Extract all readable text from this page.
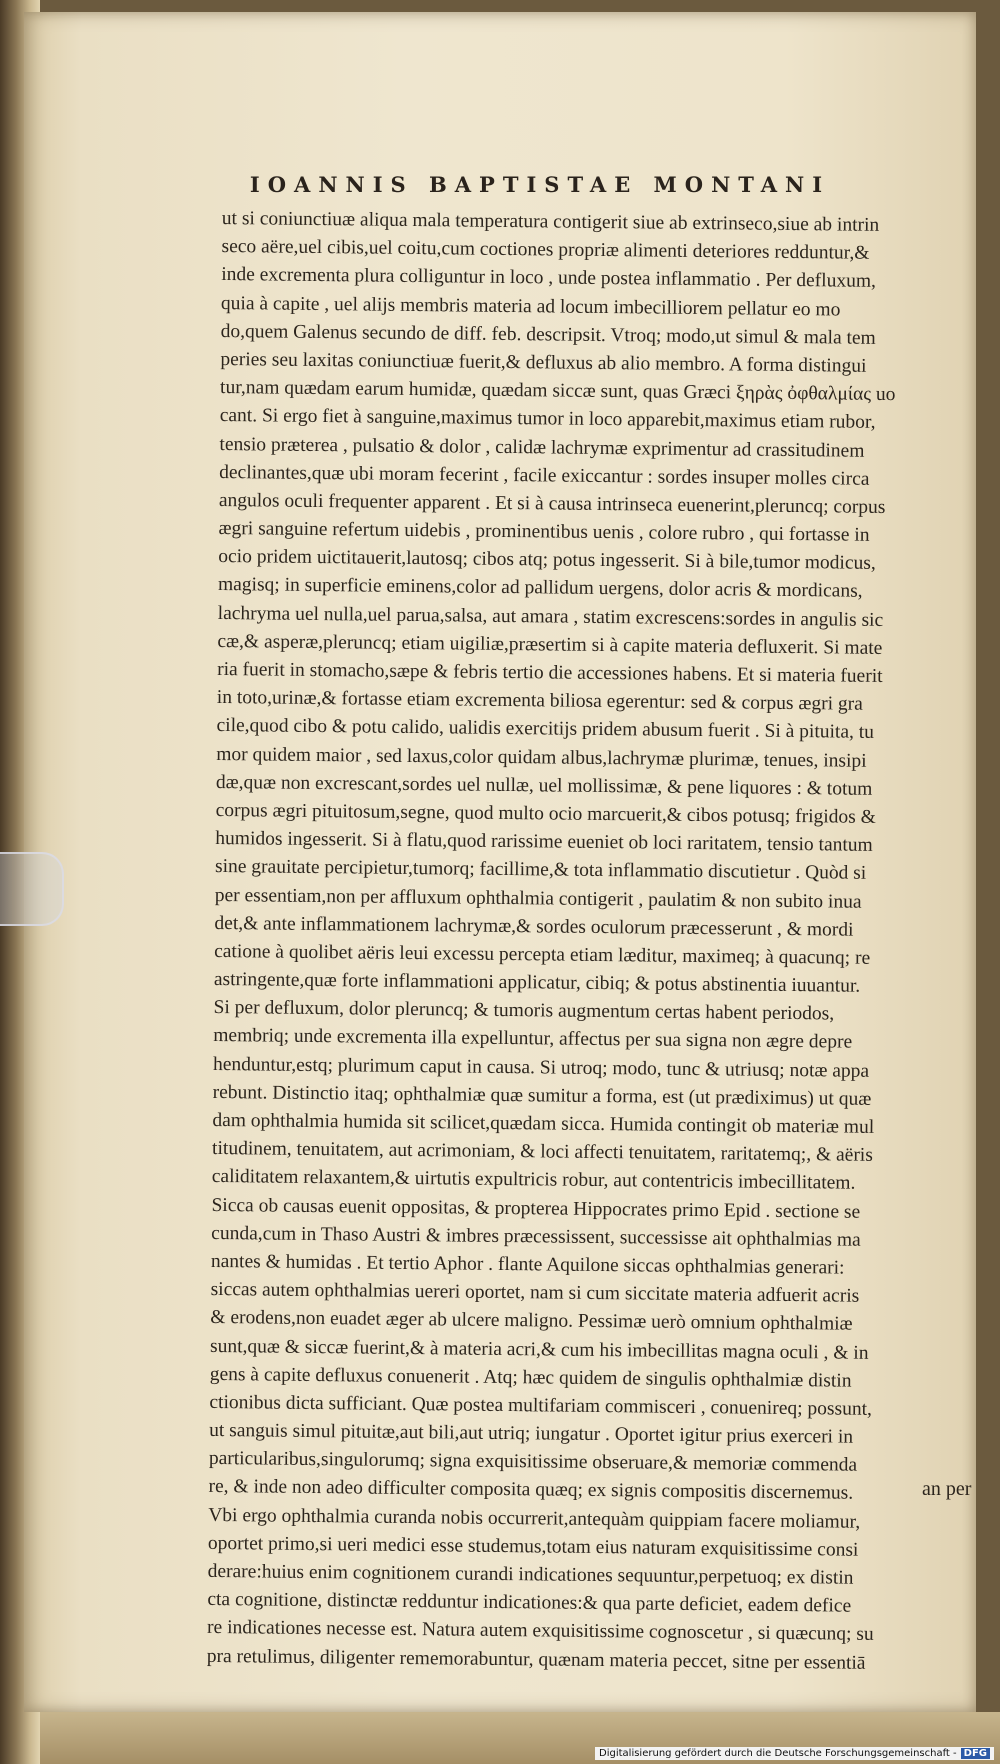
IOANNIS BAPTISTAE MONTANI
ut si coniunctiuæ aliqua mala temperatura contigerit siue ab extrinseco,siue ab intrin
seco aëre,uel cibis,uel coitu,cum coctiones propriæ alimenti deteriores redduntur,&
inde excrementa plura colliguntur in loco , unde postea inflammatio . Per defluxum,
quia à capite , uel alijs membris materia ad locum imbecilliorem pellatur eo mo
do,quem Galenus secundo de diff. feb. descripsit. Vtroq; modo,ut simul & mala tem
peries seu laxitas coniunctiuæ fuerit,& defluxus ab alio membro. A forma distingui
tur,nam quædam earum humidæ, quædam siccæ sunt, quas Græci ξηρὰς ὀφθαλμίας uo
cant. Si ergo fiet à sanguine,maximus tumor in loco apparebit,maximus etiam rubor,
tensio præterea , pulsatio & dolor , calidæ lachrymæ exprimentur ad crassitudinem
declinantes,quæ ubi moram fecerint , facile exiccantur : sordes insuper molles circa
angulos oculi frequenter apparent . Et si à causa intrinseca euenerint,pleruncq; corpus
ægri sanguine refertum uidebis , prominentibus uenis , colore rubro , qui fortasse in
ocio pridem uictitauerit,lautosq; cibos atq; potus ingesserit. Si à bile,tumor modicus,
magisq; in superficie eminens,color ad pallidum uergens, dolor acris & mordicans,
lachryma uel nulla,uel parua,salsa, aut amara , statim excrescens:sordes in angulis sic
cæ,& asperæ,pleruncq; etiam uigiliæ,præsertim si à capite materia defluxerit. Si mate
ria fuerit in stomacho,sæpe & febris tertio die accessiones habens. Et si materia fuerit
in toto,urinæ,& fortasse etiam excrementa biliosa egerentur: sed & corpus ægri gra
cile,quod cibo & potu calido, ualidis exercitijs pridem abusum fuerit . Si à pituita, tu
mor quidem maior , sed laxus,color quidam albus,lachrymæ plurimæ, tenues, insipi
dæ,quæ non excrescant,sordes uel nullæ, uel mollissimæ, & pene liquores : & totum
corpus ægri pituitosum,segne, quod multo ocio marcuerit,& cibos potusq; frigidos &
humidos ingesserit. Si à flatu,quod rarissime eueniet ob loci raritatem, tensio tantum
sine grauitate percipietur,tumorq; facillime,& tota inflammatio discutietur . Quòd si
per essentiam,non per affluxum ophthalmia contigerit , paulatim & non subito inua
det,& ante inflammationem lachrymæ,& sordes oculorum præcesserunt , & mordi
catione à quolibet aëris leui excessu percepta etiam læditur, maximeq; à quacunq; re
astringente,quæ forte inflammationi applicatur, cibiq; & potus abstinentia iuuantur.
Si per defluxum, dolor pleruncq; & tumoris augmentum certas habent periodos,
membriq; unde excrementa illa expelluntur, affectus per sua signa non ægre depre
henduntur,estq; plurimum caput in causa. Si utroq; modo, tunc & utriusq; notæ appa
rebunt. Distinctio itaq; ophthalmiæ quæ sumitur a forma, est (ut prædiximus) ut quæ
dam ophthalmia humida sit scilicet,quædam sicca. Humida contingit ob materiæ mul
titudinem, tenuitatem, aut acrimoniam, & loci affecti tenuitatem, raritatemq;, & aëris
caliditatem relaxantem,& uirtutis expultricis robur, aut contentricis imbecillitatem.
Sicca ob causas euenit oppositas, & propterea Hippocrates primo Epid . sectione se
cunda,cum in Thaso Austri & imbres præcessissent, successisse ait ophthalmias ma
nantes & humidas . Et tertio Aphor . flante Aquilone siccas ophthalmias generari:
siccas autem ophthalmias uereri oportet, nam si cum siccitate materia adfuerit acris
& erodens,non euadet æger ab ulcere maligno. Pessimæ uerò omnium ophthalmiæ
sunt,quæ & siccæ fuerint,& à materia acri,& cum his imbecillitas magna oculi , & in
gens à capite defluxus conuenerit . Atq; hæc quidem de singulis ophthalmiæ distin
ctionibus dicta sufficiant. Quæ postea multifariam commisceri , conuenireq; possunt,
ut sanguis simul pituitæ,aut bili,aut utriq; iungatur . Oportet igitur prius exerceri in
particularibus,singulorumq; signa exquisitissime obseruare,& memoriæ commenda
re, & inde non adeo difficulter composita quæq; ex signis compositis discernemus.
Vbi ergo ophthalmia curanda nobis occurrerit,antequàm quippiam facere moliamur,
oportet primo,si ueri medici esse studemus,totam eius naturam exquisitissime consi
derare:huius enim cognitionem curandi indicationes sequuntur,perpetuoq; ex distin
cta cognitione, distinctæ redduntur indicationes:& qua parte deficiet, eadem defice
re indicationes necesse est. Natura autem exquisitissime cognoscetur , si quæcunq; su
pra retulimus, diligenter rememorabuntur, quænam materia peccet, sitne per essentiā
an per
Digitalisierung gefördert durch die Deutsche Forschungsgemeinschaft - DFG
